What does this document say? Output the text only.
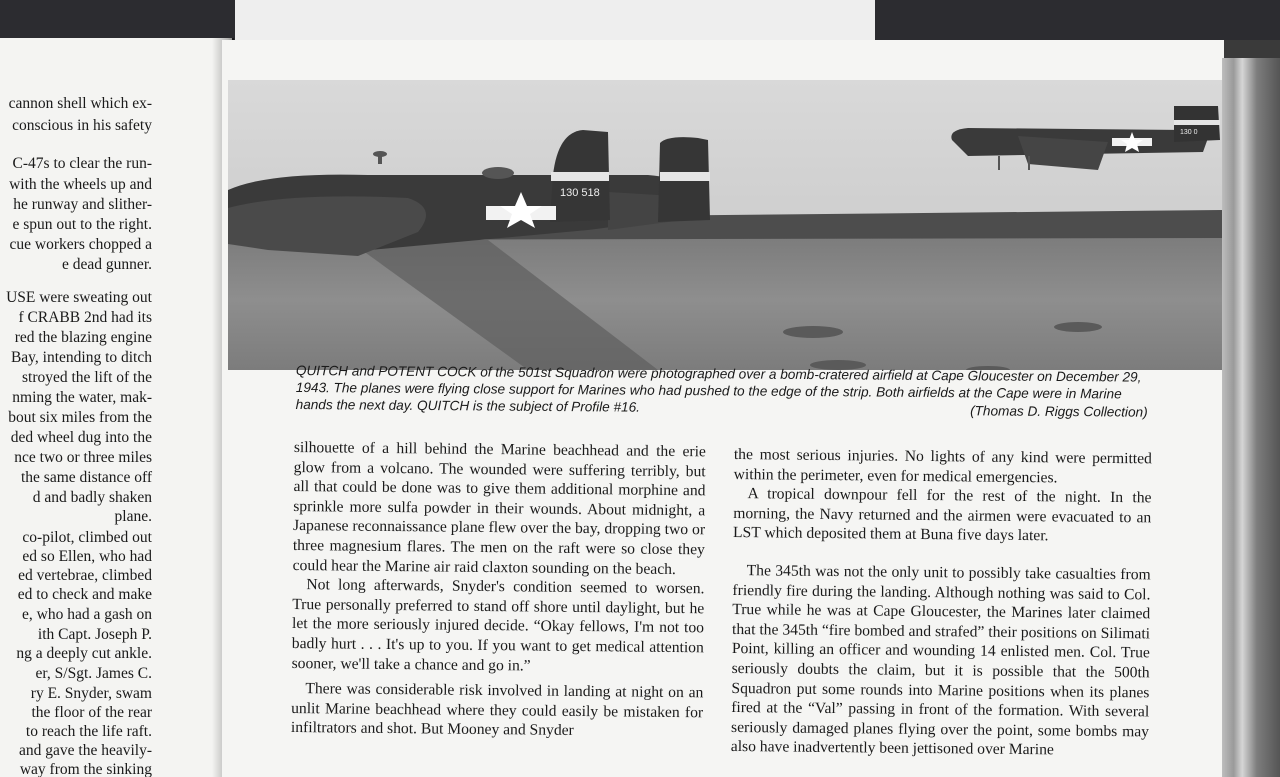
cannon shell which ex-
conscious in his safety
C-47s to clear the run-
with the wheels up and
he runway and slither-
e spun out to the right.
cue workers chopped a
e dead gunner.
USE were sweating out
f CRABB 2nd had its
red the blazing engine
Bay, intending to ditch
stroyed the lift of the
nming the water, mak-
bout six miles from the
ded wheel dug into the
nce two or three miles
the same distance off
d and badly shaken
plane.
co-pilot, climbed out
ed so Ellen, who had
ed vertebrae, climbed
ed to check and make
e, who had a gash on
ith Capt. Joseph P.
ng a deeply cut ankle.
er, S/Sgt. James C.
ry E. Snyder, swam
the floor of the rear
to reach the life raft.
and gave the heavily-
way from the sinking
130 518
130 0
QUITCH and POTENT COCK of the 501st Squadron were photographed over a bomb-cratered airfield at Cape Gloucester on December 29, 1943. The planes were flying close support for Marines who had pushed to the edge of the strip. Both airfields at the Cape were in Marine hands the next day. QUITCH is the subject of Profile #16.	(Thomas D. Riggs Collection)

silhouette of a hill behind the Marine beachhead and the erie glow from a volcano. The wounded were suffering terribly, but all that could be done was to give them additional morphine and sprinkle more sulfa powder in their wounds. About midnight, a Japanese reconnaissance plane flew over the bay, dropping two or three magnesium flares. The men on the raft were so close they could hear the Marine air raid claxton sounding on the beach.

Not long afterwards, Snyder's condition seemed to worsen. True personally preferred to stand off shore until daylight, but he let the more seriously injured decide. “Okay fellows, I'm not too badly hurt . . . It's up to you. If you want to get medical attention sooner, we'll take a chance and go in.”

There was considerable risk involved in landing at night on an unlit Marine beachhead where they could easily be mistaken for infiltrators and shot. But Mooney and Snyder

the most serious injuries. No lights of any kind were permitted within the perimeter, even for medical emergencies.

A tropical downpour fell for the rest of the night. In the morning, the Navy returned and the airmen were evacuated to an LST which deposited them at Buna five days later.

The 345th was not the only unit to possibly take casualties from friendly fire during the landing. Although nothing was said to Col. True while he was at Cape Gloucester, the Marines later claimed that the 345th “fire bombed and strafed” their positions on Silimati Point, killing an officer and wounding 14 enlisted men. Col. True seriously doubts the claim, but it is possible that the 500th Squadron put some rounds into Marine positions when its planes fired at the “Val” passing in front of the formation. With several seriously damaged planes flying over the point, some bombs may also have inadvertently been jettisoned over Marine
